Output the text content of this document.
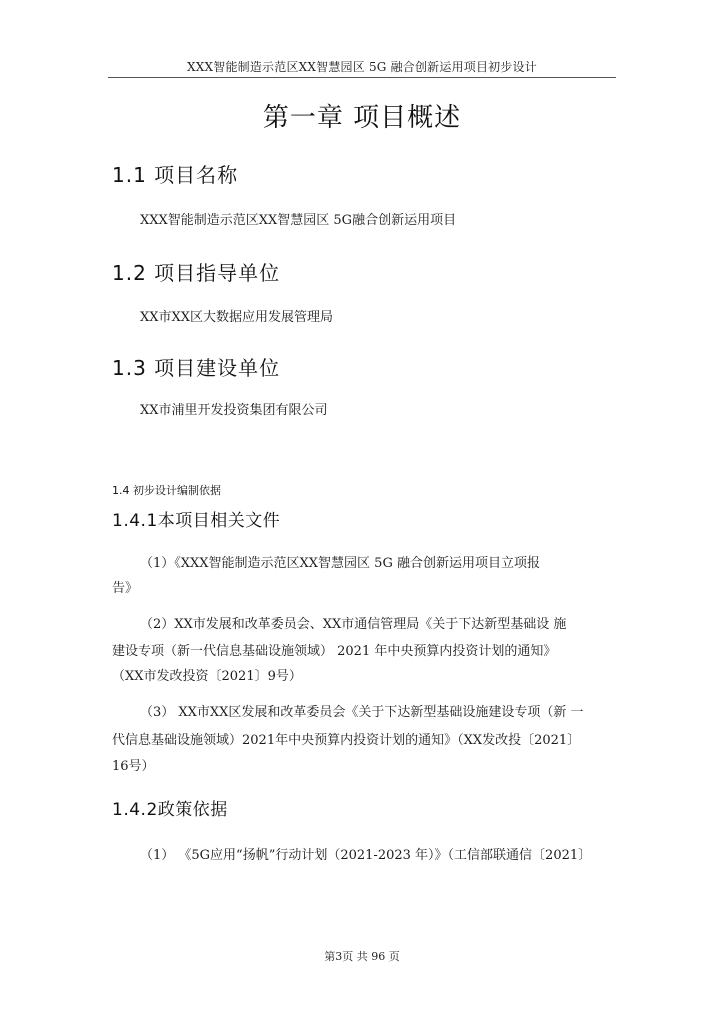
XXX智能制造示范区XX智慧园区 5G 融合创新运用项目初步设计
第一章 项目概述
1.1 项目名称
XXX智能制造示范区XX智慧园区 5G融合创新运用项目
1.2 项目指导单位
XX市XX区大数据应用发展管理局
1.3 项目建设单位
XX市浦里开发投资集团有限公司
1.4 初步设计编制依据
1.4.1本项目相关文件
（1）《XXX智能制造示范区XX智慧园区 5G 融合创新运用项目立项报
告》
（2）XX市发展和改革委员会、XX市通信管理局《关于下达新型基础设 施
建设专项（新一代信息基础设施领域） 2021 年中央预算内投资计划的通知》
（XX市发改投资〔2021〕9号）
（3） XX市XX区发展和改革委员会《关于下达新型基础设施建设专项（新 一
代信息基础设施领域）2021年中央预算内投资计划的通知》（XX发改投〔2021〕
16号）
1.4.2政策依据
（1） 《5G应用“扬帆”行动计划（2021-2023 年）》（工信部联通信〔2021〕
第3页 共 96 页
